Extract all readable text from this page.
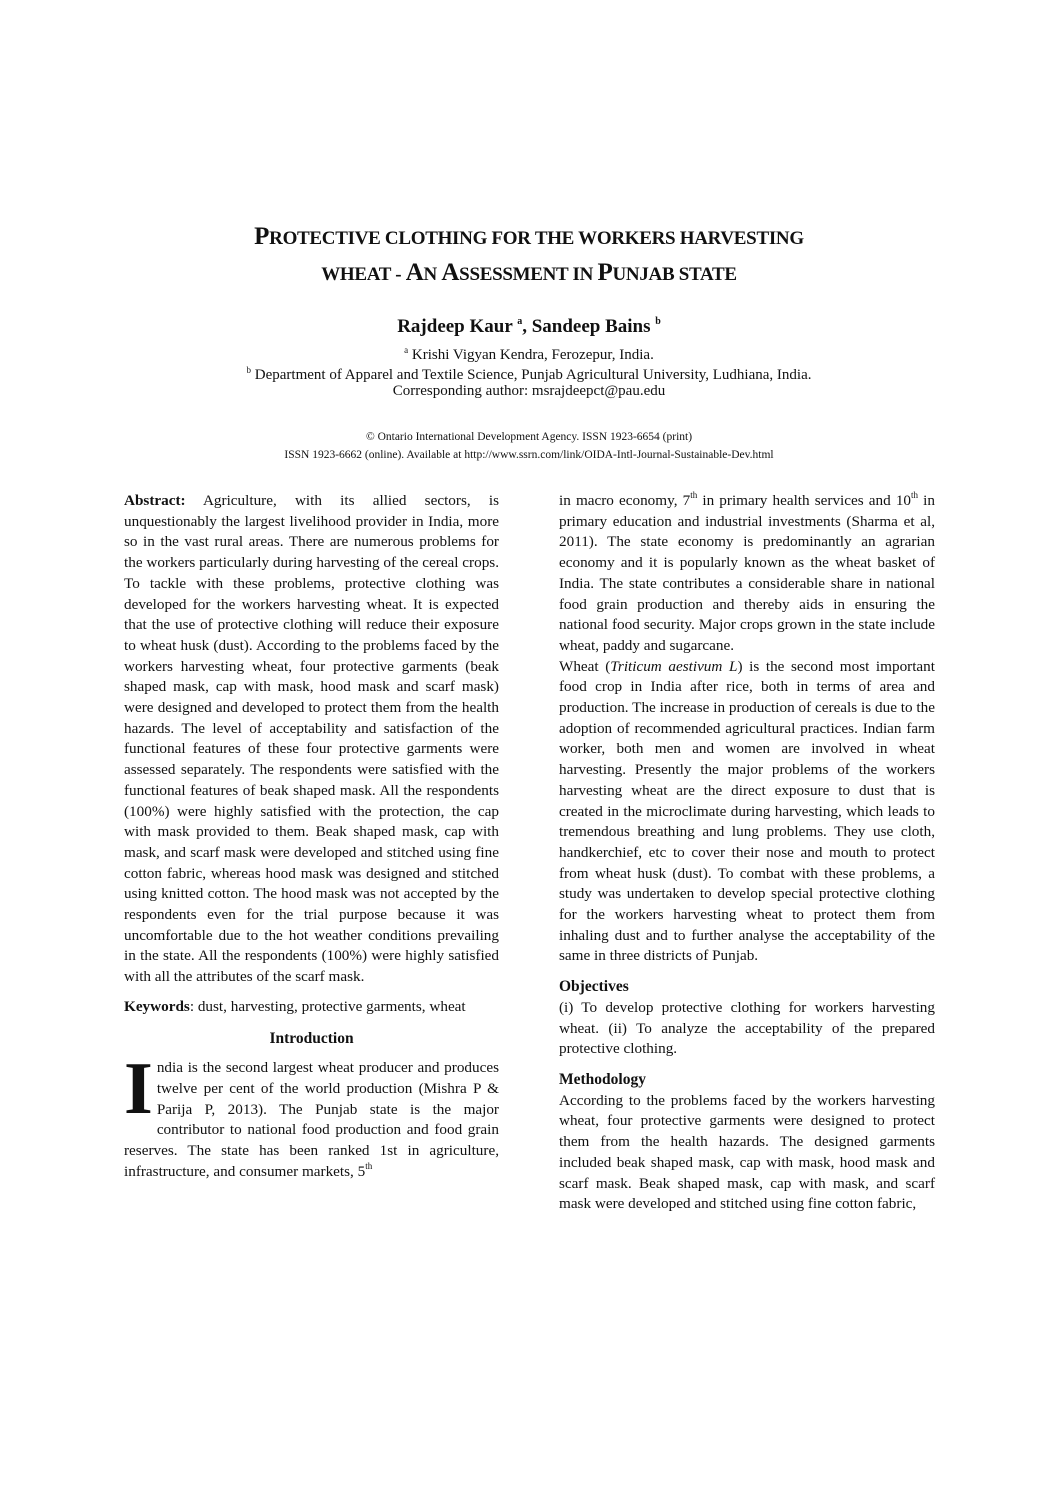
PROTECTIVE CLOTHING FOR THE WORKERS HARVESTING
WHEAT - AN ASSESSMENT IN PUNJAB STATE
Rajdeep Kaur $^a$, Sandeep Bains $^b$
$^a$ Krishi Vigyan Kendra, Ferozepur, India.
$^b$ Department of Apparel and Textile Science, Punjab Agricultural University, Ludhiana, India.
Corresponding author: msrajdeepct@pau.edu
© Ontario International Development Agency. ISSN 1923-6654 (print)
ISSN 1923-6662 (online). Available at http://www.ssrn.com/link/OIDA-Intl-Journal-Sustainable-Dev.html

Abstract: Agriculture, with its allied sectors, is unquestionably the largest livelihood provider in India, more so in the vast rural areas. There are numerous problems for the workers particularly during harvesting of the cereal crops. To tackle with these problems, protective clothing was developed for the workers harvesting wheat. It is expected that the use of protective clothing will reduce their exposure to wheat husk (dust). According to the problems faced by the workers harvesting wheat, four protective garments (beak shaped mask, cap with mask, hood mask and scarf mask) were designed and developed to protect them from the health hazards. The level of acceptability and satisfaction of the functional features of these four protective garments were assessed separately. The respondents were satisfied with the functional features of beak shaped mask. All the respondents (100%) were highly satisfied with the protection, the cap with mask provided to them. Beak shaped mask, cap with mask, and scarf mask were developed and stitched using fine cotton fabric, whereas hood mask was designed and stitched using knitted cotton. The hood mask was not accepted by the respondents even for the trial purpose because it was uncomfortable due to the hot weather conditions prevailing in the state. All the respondents (100%) were highly satisfied with all the attributes of the scarf mask.

Keywords: dust, harvesting, protective garments, wheat

Introduction

India is the second largest wheat producer and produces twelve per cent of the world production (Mishra P & Parija P, 2013). The Punjab state is the major contributor to national food production and food grain reserves. The state has been ranked 1st in agriculture, infrastructure, and consumer markets, 5th

in macro economy, 7th in primary health services and 10th in primary education and industrial investments (Sharma et al, 2011). The state economy is predominantly an agrarian economy and it is popularly known as the wheat basket of India. The state contributes a considerable share in national food grain production and thereby aids in ensuring the national food security. Major crops grown in the state include wheat, paddy and sugarcane.

Wheat (Triticum aestivum L) is the second most important food crop in India after rice, both in terms of area and production. The increase in production of cereals is due to the adoption of recommended agricultural practices. Indian farm worker, both men and women are involved in wheat harvesting. Presently the major problems of the workers harvesting wheat are the direct exposure to dust that is created in the microclimate during harvesting, which leads to tremendous breathing and lung problems. They use cloth, handkerchief, etc to cover their nose and mouth to protect from wheat husk (dust). To combat with these problems, a study was undertaken to develop special protective clothing for the workers harvesting wheat to protect them from inhaling dust and to further analyse the acceptability of the same in three districts of Punjab.

Objectives

(i) To develop protective clothing for workers harvesting wheat. (ii) To analyze the acceptability of the prepared protective clothing.

Methodology

According to the problems faced by the workers harvesting wheat, four protective garments were designed to protect them from the health hazards. The designed garments included beak shaped mask, cap with mask, hood mask and scarf mask. Beak shaped mask, cap with mask, and scarf mask were developed and stitched using fine cotton fabric,
